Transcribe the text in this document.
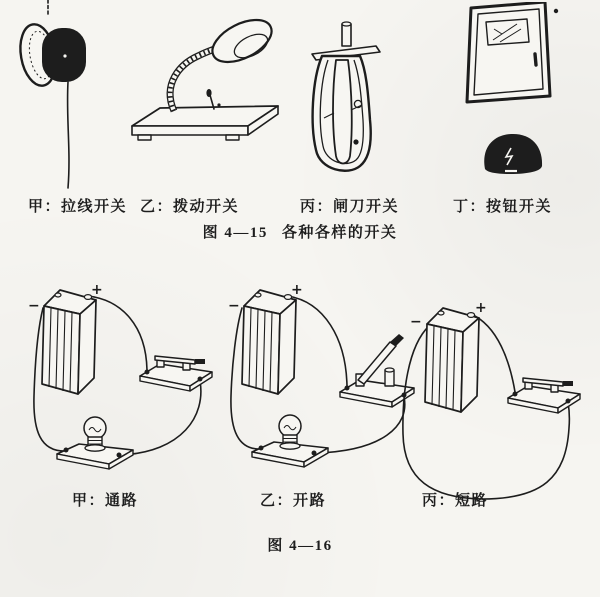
甲：拉线开关 乙：拨动开关	丙：闸刀开关	丁：按钮开关
图 4—15 各种各样的开关
+
−
+
−	+
−
甲：通路	乙：开路	丙：短路
图 4—16
